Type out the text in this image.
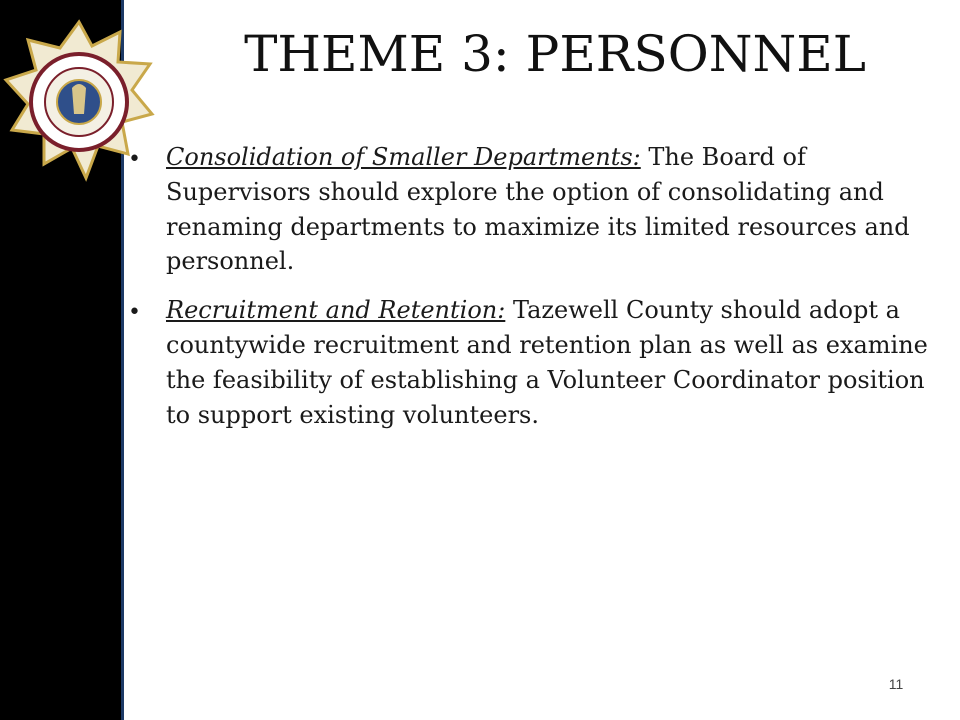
THEME 3: PERSONNEL
• Consolidation of Smaller Departments: The Board of Supervisors should explore the option of consolidating and renaming departments to maximize its limited resources and personnel.
• Recruitment and Retention: Tazewell County should adopt a countywide recruitment and retention plan as well as examine the feasibility of establishing a Volunteer Coordinator position to support existing volunteers.
11
